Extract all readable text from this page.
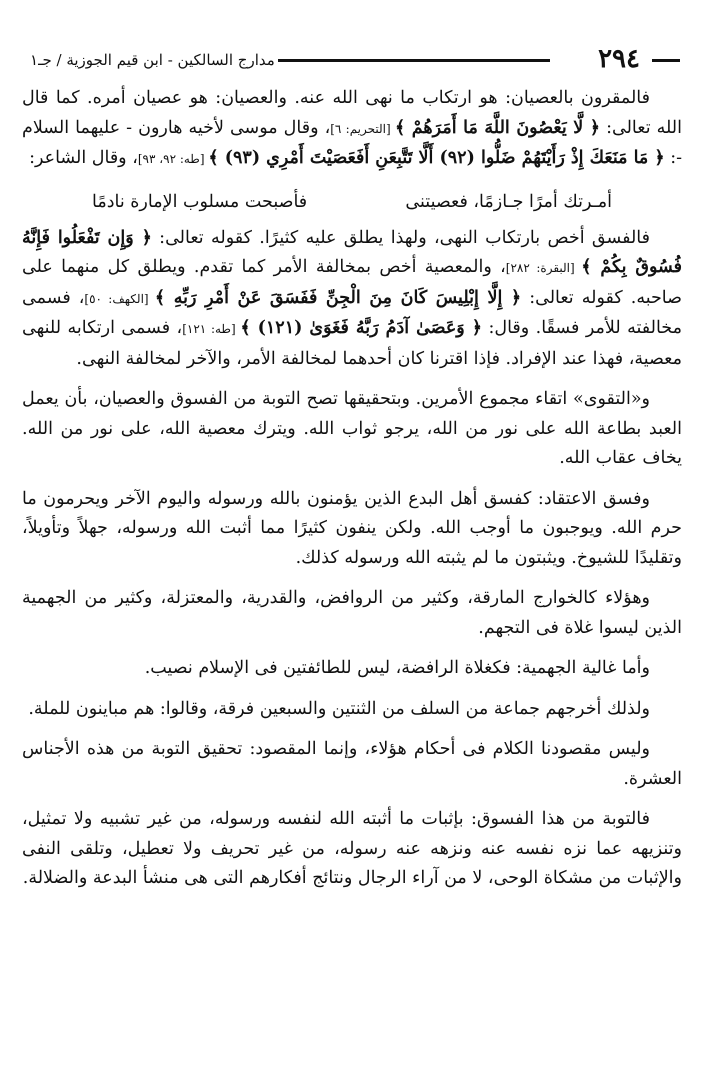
٢٩٤
مدارج السالكين - ابن قيم الجوزية / جـ١

فالمقرون بالعصيان: هو ارتكاب ما نهى الله عنه. والعصيان: هو عصيان أمره. كما قال الله تعالى: ﴿ لَّا يَعْصُونَ اللَّهَ مَا أَمَرَهُمْ ﴾ [التحريم: ٦]، وقال موسى لأخيه هارون - عليهما السلام -: ﴿ مَا مَنَعَكَ إِذْ رَأَيْتَهُمْ ضَلُّوا (٩٢) أَلَّا تَتَّبِعَنِ أَفَعَصَيْتَ أَمْرِي (٩٣) ﴾ [طه: ٩٢، ٩٣]، وقال الشاعر:

أمـرتك أمرًا جـازمًا، فعصيتنى
فأصبحت مسلوب الإمارة نادمًا

فالفسق أخص بارتكاب النهى، ولهذا يطلق عليه كثيرًا. كقوله تعالى: ﴿ وَإِن تَفْعَلُوا فَإِنَّهُ فُسُوقٌ بِكُمْ ﴾ [البقرة: ٢٨٢]، والمعصية أخص بمخالفة الأمر كما تقدم. ويطلق كل منهما على صاحبه. كقوله تعالى: ﴿ إِلَّا إِبْلِيسَ كَانَ مِنَ الْجِنِّ فَفَسَقَ عَنْ أَمْرِ رَبِّهِ ﴾ [الكهف: ٥٠]، فسمى مخالفته للأمر فسقًا. وقال: ﴿ وَعَصَىٰ آدَمُ رَبَّهُ فَغَوَىٰ (١٢١) ﴾ [طه: ١٢١]، فسمى ارتكابه للنهى معصية، فهذا عند الإفراد. فإذا اقترنا كان أحدهما لمخالفة الأمر، والآخر لمخالفة النهى.

و«التقوى» اتقاء مجموع الأمرين. وبتحقيقها تصح التوبة من الفسوق والعصيان، بأن يعمل العبد بطاعة الله على نور من الله، يرجو ثواب الله. ويترك معصية الله، على نور من الله. يخاف عقاب الله.

وفسق الاعتقاد: كفسق أهل البدع الذين يؤمنون بالله ورسوله واليوم الآخر ويحرمون ما حرم الله. ويوجبون ما أوجب الله. ولكن ينفون كثيرًا مما أثبت الله ورسوله، جهلاً وتأويلاً، وتقليدًا للشيوخ. ويثبتون ما لم يثبته الله ورسوله كذلك.

وهؤلاء كالخوارج المارقة، وكثير من الروافض، والقدرية، والمعتزلة، وكثير من الجهمية الذين ليسوا غلاة فى التجهم.

وأما غالية الجهمية: فكغلاة الرافضة، ليس للطائفتين فى الإسلام نصيب.

ولذلك أخرجهم جماعة من السلف من الثنتين والسبعين فرقة، وقالوا: هم مباينون للملة.

وليس مقصودنا الكلام فى أحكام هؤلاء، وإنما المقصود: تحقيق التوبة من هذه الأجناس العشرة.

فالتوبة من هذا الفسوق: بإثبات ما أثبته الله لنفسه ورسوله، من غير تشبيه ولا تمثيل، وتنزيهه عما نزه نفسه عنه ونزهه عنه رسوله، من غير تحريف ولا تعطيل، وتلقى النفى والإثبات من مشكاة الوحى، لا من آراء الرجال ونتائج أفكارهم التى هى منشأ البدعة والضلالة.
